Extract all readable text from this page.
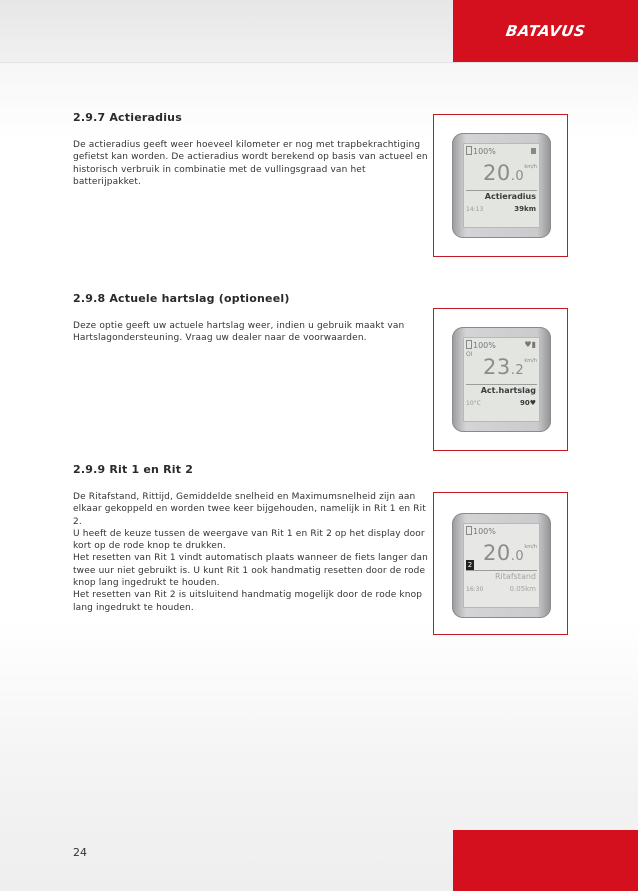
BATAVUS
2.9.7 Actieradius

De actieradius geeft weer hoeveel kilometer er nog met trapbekrachtiging gefietst kan worden. De actieradius wordt berekend op basis van actueel en historisch verbruik in combinatie met de vullingsgraad van het batterijpakket.

100%
20.0
km/h
Actieradius
14:13	39km
2.9.8 Actuele hartslag (optioneel)

Deze optie geeft uw actuele hartslag weer, indien u gebruik maakt van Hartslagondersteuning. Vraag uw dealer naar de voorwaarden.

100%	♥▮
OI
23.2
km/h
Act.hartslag
10°C	90♥
2.9.9 Rit 1 en Rit 2

De Ritafstand, Rittijd, Gemiddelde snelheid en Maximumsnelheid zijn aan elkaar gekoppeld en worden twee keer bijgehouden, namelijk in Rit 1 en Rit 2.

U heeft de keuze tussen de weergave van Rit 1 en Rit 2 op het display door kort op de rode knop te drukken.

Het resetten van Rit 1 vindt automatisch plaats wanneer de fiets langer dan twee uur niet gebruikt is. U kunt Rit 1 ook handmatig resetten door de rode knop lang ingedrukt te houden.

Het resetten van Rit 2 is uitsluitend handmatig mogelijk door de rode knop lang ingedrukt te houden.

100%
2 20.0
km/h
Ritafstand
16:30	0.05km
24
